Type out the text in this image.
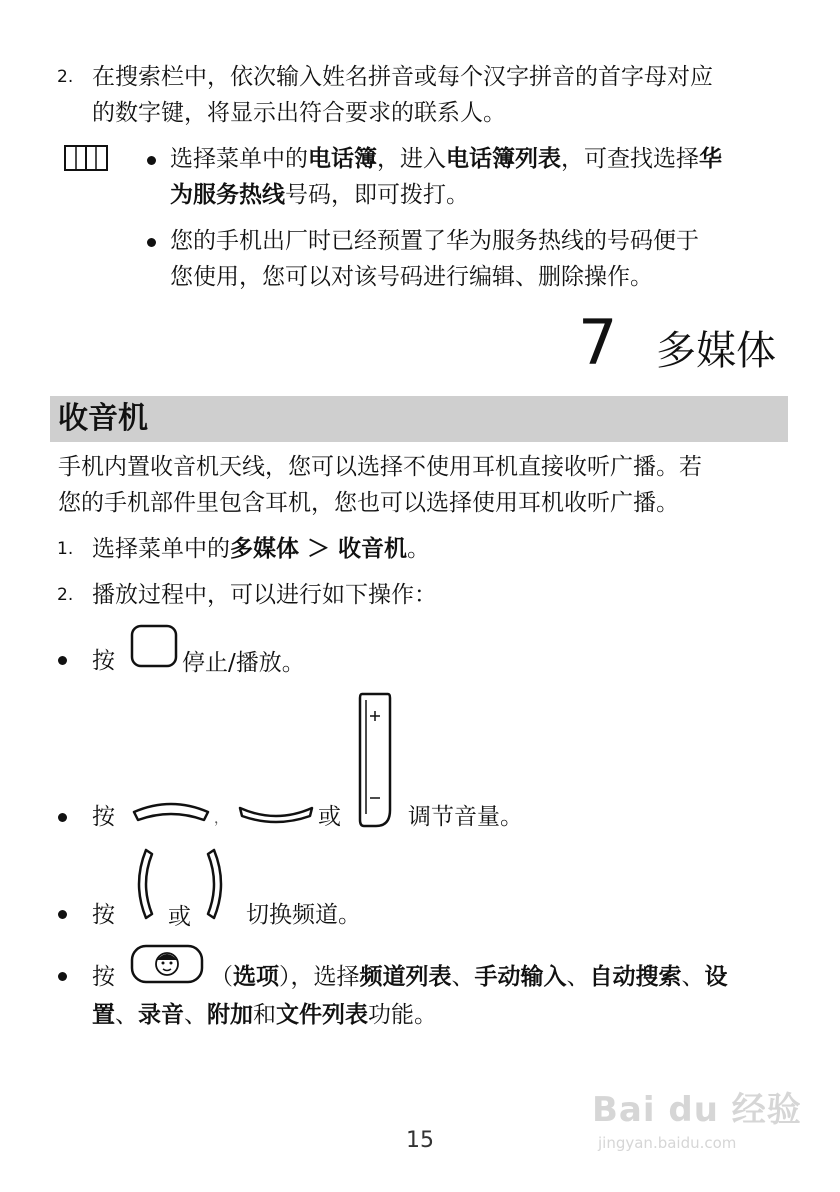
2. 在搜索栏中，依次输入姓名拼音或每个汉字拼音的首字母对应
的数字键，将显示出符合要求的联系人。
选择菜单中的电话簿，进入电话簿列表，可查找选择华
为服务热线号码，即可拨打。
您的手机出厂时已经预置了华为服务热线的号码便于
您使用，您可以对该号码进行编辑、删除操作。
7 多媒体
收音机
手机内置收音机天线，您可以选择不使用耳机直接收听广播。若
您的手机部件里包含耳机，您也可以选择使用耳机收听广播。
1. 选择菜单中的多媒体 ＞ 收音机。
2. 播放过程中，可以进行如下操作：
按	停止/播放。
按	，	或	调节音量。
按 或 切换频道。
按	（选项），选择频道列表、手动输入、自动搜索、设
置、录音、附加和文件列表功能。
Bai du 经验
jingyan.baidu.com
15
